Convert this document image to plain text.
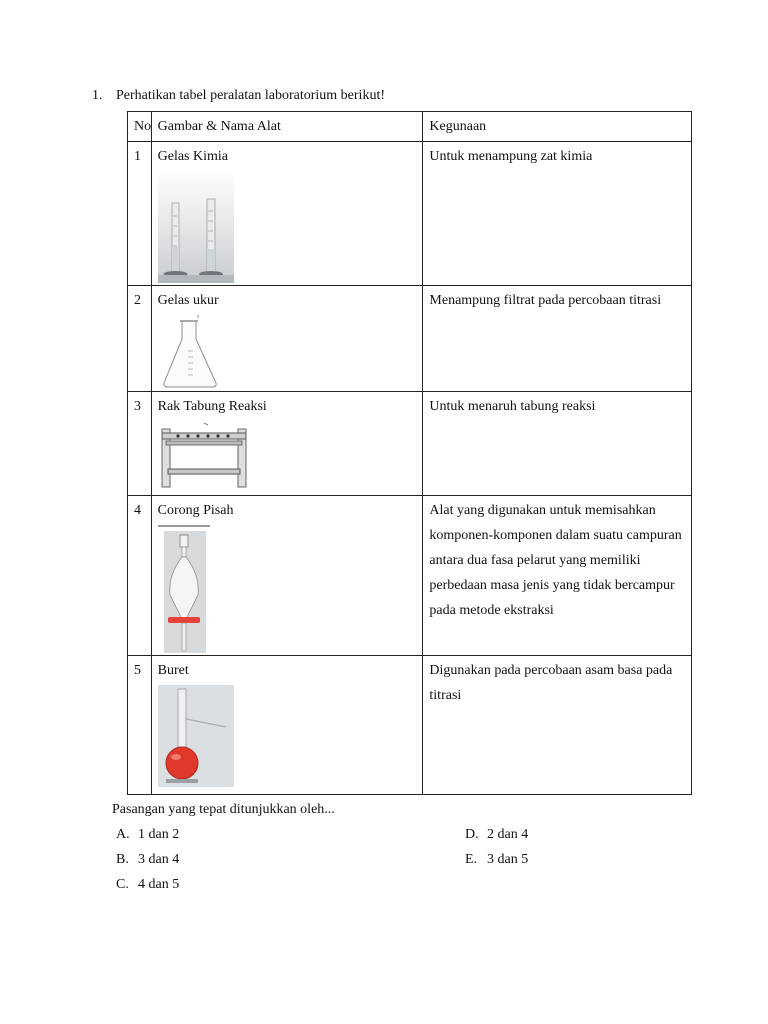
1. Perhatikan tabel peralatan laboratorium berikut!
No	Gambar & Nama Alat	Kegunaan
1	Gelas Kimia	Untuk menampung zat kimia
2	Gelas ukur	Menampung filtrat pada percobaan titrasi
3	Rak Tabung Reaksi	Untuk menaruh tabung reaksi
4	Corong Pisah	Alat yang digunakan untuk memisahkan komponen-komponen dalam suatu campuran antara dua fasa pelarut yang memiliki perbedaan masa jenis yang tidak bercampur pada metode ekstraksi
5	Buret	Digunakan pada percobaan asam basa pada titrasi
Pasangan yang tepat ditunjukkan oleh...
A. 1 dan 2
B. 3 dan 4
C. 4 dan 5
D. 2 dan 4
E. 3 dan 5
